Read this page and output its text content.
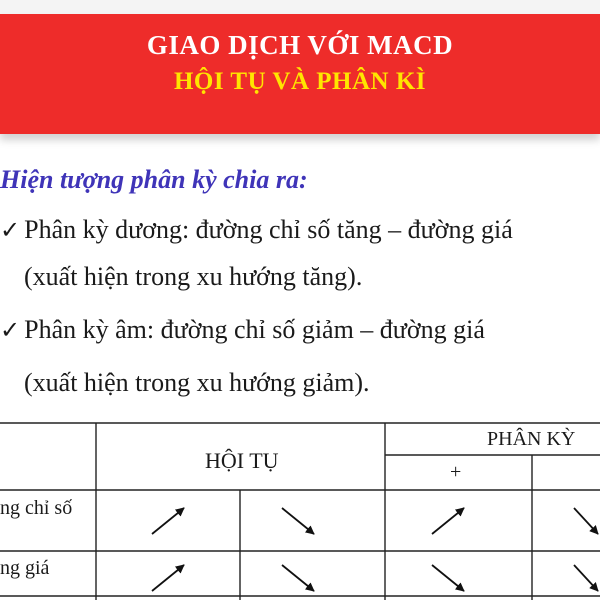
GIAO DỊCH VỚI MACD
HỘI TỤ VÀ PHÂN KÌ
Hiện tượng phân kỳ chia ra:
✓ Phân kỳ dương: đường chỉ số tăng – đường giá
(xuất hiện trong xu hướng tăng).
✓ Phân kỳ âm: đường chỉ số giảm – đường giá
(xuất hiện trong xu hướng giảm).
HỘI TỤ
PHÂN KỲ
+
ng chỉ số
ng giá
